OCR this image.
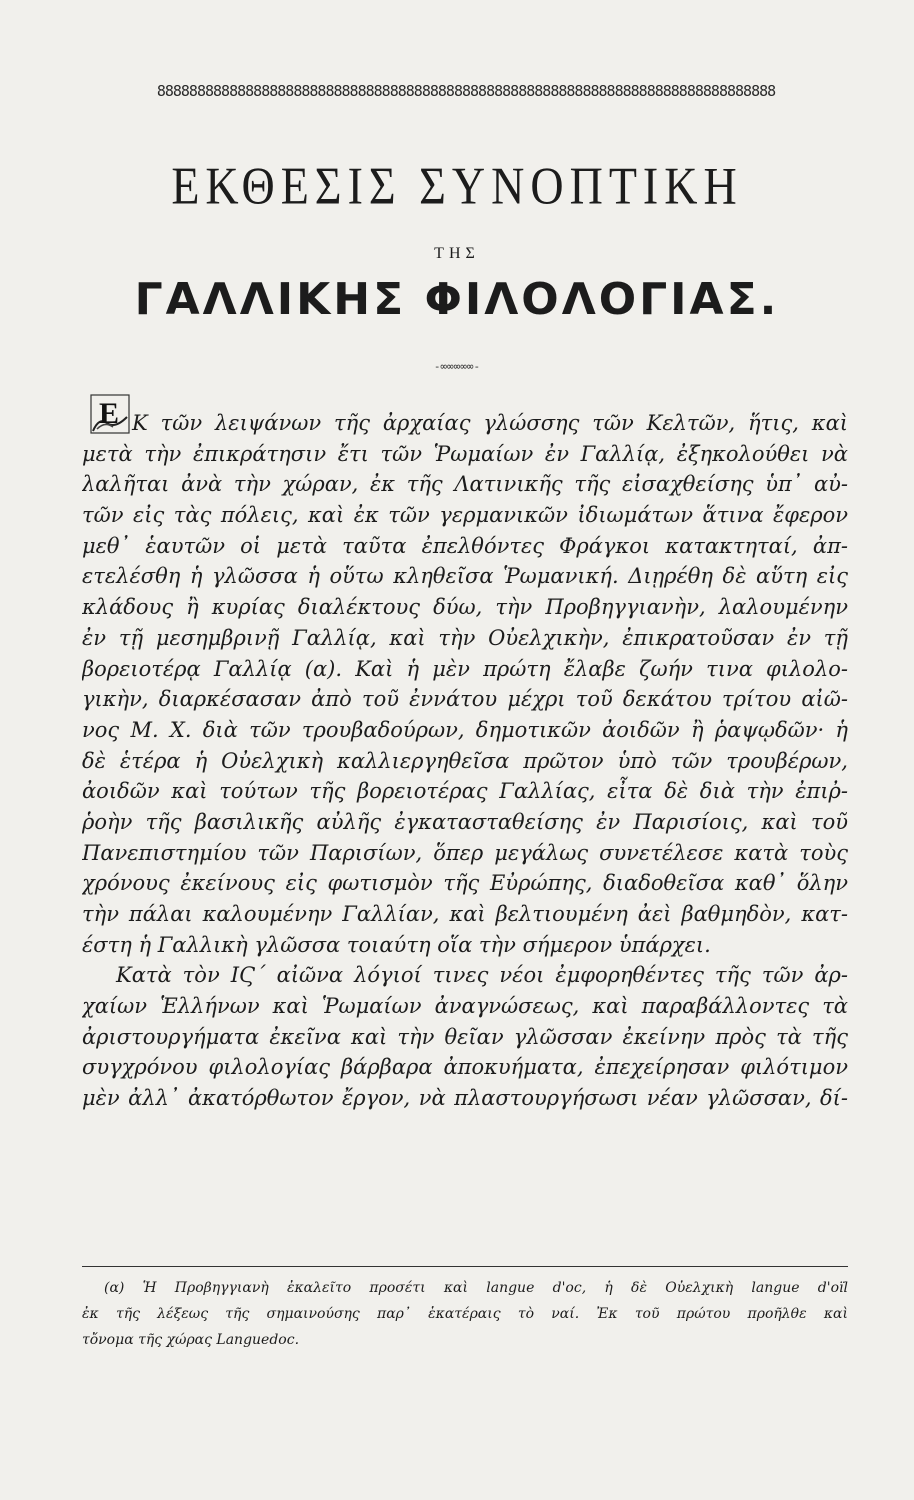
88888888888888888888888888888888888888888888888888888888888888888888888888888
ΕΚΘΕΣΙΣ ΣΥΝΟΠΤΙΚΗ
ΤΗΣ
ΓΑΛΛΙΚΗΣ ΦΙΛΟΛΟΓΙΑΣ.
-∞∞∞∞∞-
Ε Κ τῶν λειψάνων τῆς ἀρχαίας γλώσσης τῶν Κελτῶν, ἥτις, καὶ
μετὰ τὴν ἐπικράτησιν ἔτι τῶν Ῥωμαίων ἐν Γαλλίᾳ, ἐξηκολούθει νὰ
λαλῆται ἀνὰ τὴν χώραν, ἐκ τῆς Λατινικῆς τῆς εἰσαχθείσης ὑπ᾽ αὐ-
τῶν εἰς τὰς πόλεις, καὶ ἐκ τῶν γερμανικῶν ἰδιωμάτων ἅτινα ἔφερον
μεθ᾽ ἑαυτῶν οἱ μετὰ ταῦτα ἐπελθόντες Φράγκοι κατακτηταί, ἀπ-
ετελέσθη ἡ γλῶσσα ἡ οὕτω κληθεῖσα Ῥωμανική. Διῃρέθη δὲ αὕτη εἰς
κλάδους ἢ κυρίας διαλέκτους δύω, τὴν Προβηγγιανὴν, λαλουμένην
ἐν τῇ μεσημβρινῇ Γαλλίᾳ, καὶ τὴν Οὐελχικὴν, ἐπικρατοῦσαν ἐν τῇ
βορειοτέρᾳ Γαλλίᾳ (α). Καὶ ἡ μὲν πρώτη ἔλαβε ζωήν τινα φιλολο-
γικὴν, διαρκέσασαν ἀπὸ τοῦ ἐννάτου μέχρι τοῦ δεκάτου τρίτου αἰῶ-
νος Μ. Χ. διὰ τῶν τρουβαδούρων, δημοτικῶν ἀοιδῶν ἢ ῥαψῳδῶν· ἡ
δὲ ἑτέρα ἡ Οὐελχικὴ καλλιεργηθεῖσα πρῶτον ὑπὸ τῶν τρουβέρων,
ἀοιδῶν καὶ τούτων τῆς βορειοτέρας Γαλλίας, εἶτα δὲ διὰ τὴν ἐπιῤ-
ῥοὴν τῆς βασιλικῆς αὐλῆς ἐγκατασταθείσης ἐν Παρισίοις, καὶ τοῦ
Πανεπιστημίου τῶν Παρισίων, ὅπερ μεγάλως συνετέλεσε κατὰ τοὺς
χρόνους ἐκείνους εἰς φωτισμὸν τῆς Εὐρώπης, διαδοθεῖσα καθ᾽ ὅλην
τὴν πάλαι καλουμένην Γαλλίαν, καὶ βελτιουμένη ἀεὶ βαθμηδὸν, κατ-
έστη ἡ Γαλλικὴ γλῶσσα τοιαύτη οἵα τὴν σήμερον ὑπάρχει.
Κατὰ τὸν ΙϚ΄ αἰῶνα λόγιοί τινες νέοι ἐμφορηθέντες τῆς τῶν ἀρ-
χαίων Ἑλλήνων καὶ Ῥωμαίων ἀναγνώσεως, καὶ παραβάλλοντες τὰ
ἀριστουργήματα ἐκεῖνα καὶ τὴν θεῖαν γλῶσσαν ἐκείνην πρὸς τὰ τῆς
συγχρόνου φιλολογίας βάρβαρα ἀποκυήματα, ἐπεχείρησαν φιλότιμον
μὲν ἀλλ᾽ ἀκατόρθωτον ἔργον, νὰ πλαστουργήσωσι νέαν γλῶσσαν, δί-
(α) Ἡ Προβηγγιανὴ ἐκαλεῖτο προσέτι καὶ langue d'oc, ἡ δὲ Οὐελχικὴ langue d'oïl
ἐκ τῆς λέξεως τῆς σημαινούσης παρ᾽ ἑκατέραις τὸ ναί. Ἐκ τοῦ πρώτου προῆλθε καὶ
τὄνομα τῆς χώρας Languedoc.
